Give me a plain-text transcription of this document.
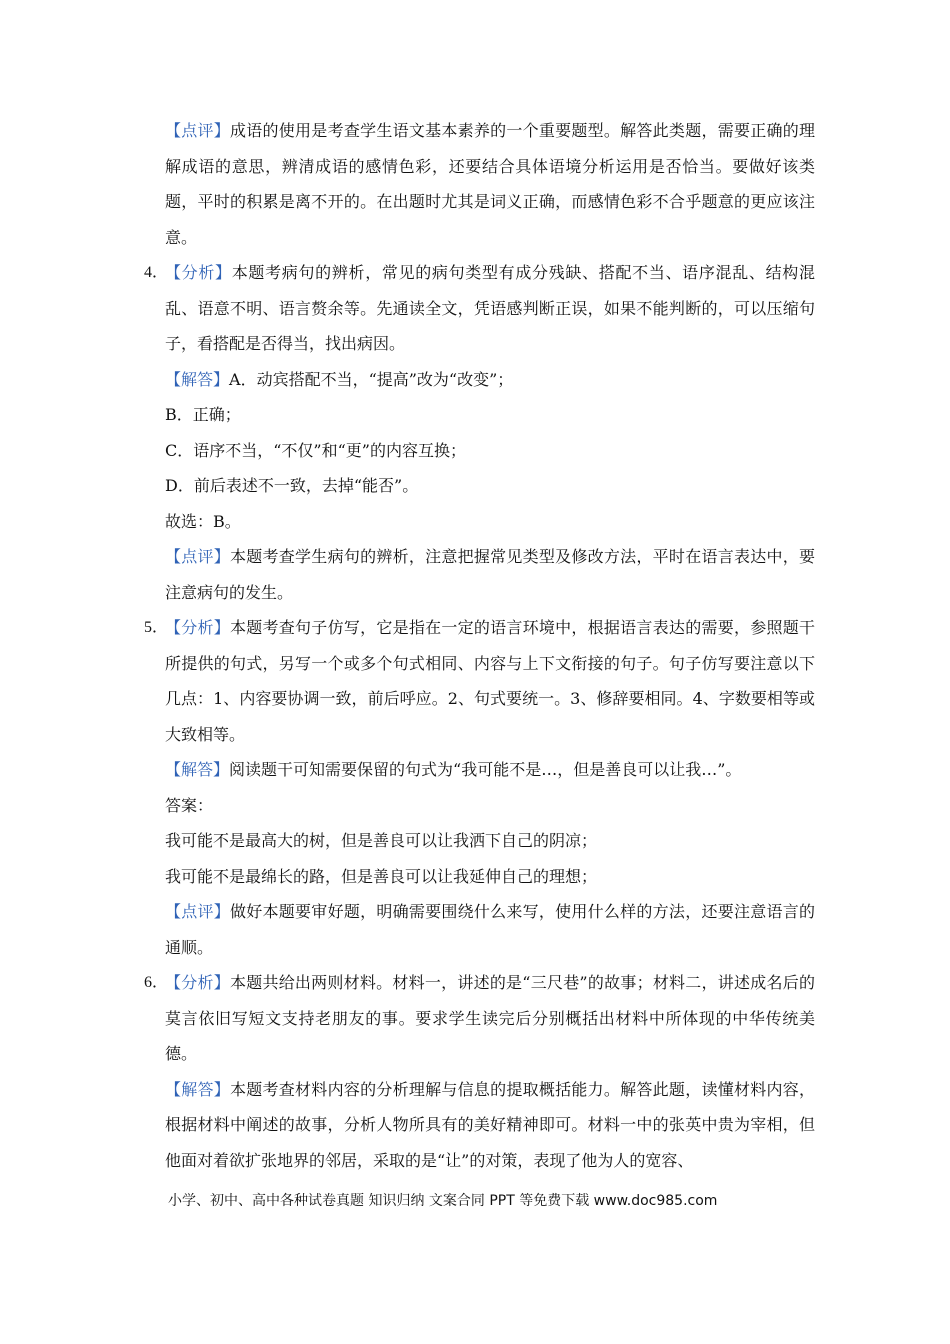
【点评】成语的使用是考查学生语文基本素养的一个重要题型。解答此类题，需要正确的理解成语的意思，辨清成语的感情色彩，还要结合具体语境分析运用是否恰当。要做好该类题，平时的积累是离不开的。在出题时尤其是词义正确，而感情色彩不合乎题意的更应该注意。

4．

【分析】本题考病句的辨析，常见的病句类型有成分残缺、搭配不当、语序混乱、结构混乱、语意不明、语言赘余等。先通读全文，凭语感判断正误，如果不能判断的，可以压缩句子，看搭配是否得当，找出病因。

【解答】A．动宾搭配不当，“提高”改为“改变”；

B．正确；

C．语序不当，“不仅”和“更”的内容互换；

D．前后表述不一致，去掉“能否”。

故选：B。

【点评】本题考查学生病句的辨析，注意把握常见类型及修改方法，平时在语言表达中，要注意病句的发生。

5．

【分析】本题考查句子仿写，它是指在一定的语言环境中，根据语言表达的需要，参照题干所提供的句式，另写一个或多个句式相同、内容与上下文衔接的句子。句子仿写要注意以下几点：1、内容要协调一致，前后呼应。2、句式要统一。3、修辞要相同。4、字数要相等或大致相等。

【解答】阅读题干可知需要保留的句式为“我可能不是…，但是善良可以让我…”。

答案：

我可能不是最高大的树，但是善良可以让我洒下自己的阴凉；

我可能不是最绵长的路，但是善良可以让我延伸自己的理想；

【点评】做好本题要审好题，明确需要围绕什么来写，使用什么样的方法，还要注意语言的通顺。

6．

【分析】本题共给出两则材料。材料一，讲述的是“三尺巷”的故事；材料二，讲述成名后的莫言依旧写短文支持老朋友的事。要求学生读完后分别概括出材料中所体现的中华传统美德。

【解答】本题考查材料内容的分析理解与信息的提取概括能力。解答此题，读懂材料内容，根据材料中阐述的故事，分析人物所具有的美好精神即可。材料一中的张英中贵为宰相，但他面对着欲扩张地界的邻居，采取的是“让”的对策，表现了他为人的宽容、

小学、初中、高中各种试卷真题 知识归纳 文案合同 PPT 等免费下载 www.doc985.com
